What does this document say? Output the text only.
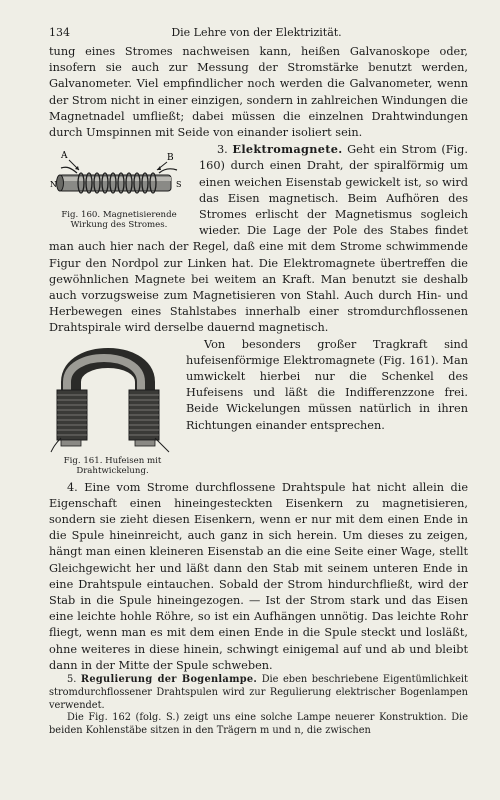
134	Die Lehre von der Elektrizität.

tung eines Stromes nachweisen kann, heißen Galvanoskope oder, insofern sie auch zur Messung der Stromstärke benutzt werden, Galvanometer. Viel empfindlicher noch werden die Galvanometer, wenn der Strom nicht in einer einzigen, sondern in zahlreichen Windungen die Magnetnadel umfließt; dabei müssen die einzelnen Drahtwindungen durch Umspinnen mit Seide von einander isoliert sein.

A	B
N	S
Fig. 160. Magnetisierende Wirkung des Stromes.

3. Elektromagnete. Geht ein Strom (Fig. 160) durch einen Draht, der spiralförmig um einen weichen Eisenstab gewickelt ist, so wird das Eisen magnetisch. Beim Aufhören des Stromes erlischt der Magnetismus sogleich wieder. Die Lage der Pole des Stabes findet man auch hier nach der Regel, daß eine mit dem Strome schwimmende Figur den Nordpol zur Linken hat. Die Elektromagnete übertreffen die gewöhnlichen Magnete bei weitem an Kraft. Man benutzt sie deshalb auch vorzugsweise zum Magnetisieren von Stahl. Auch durch Hin- und Herbewegen eines Stahlstabes innerhalb einer stromdurchflossenen Drahtspirale wird derselbe dauernd magnetisch.

Fig. 161. Hufeisen mit Drahtwickelung.

Von besonders großer Tragkraft sind hufeisenförmige Elektromagnete (Fig. 161). Man umwickelt hierbei nur die Schenkel des Hufeisens und läßt die Indifferenzzone frei. Beide Wickelungen müssen natürlich in ihren Richtungen einander entsprechen.

4. Eine vom Strome durchflossene Drahtspule hat nicht allein die Eigenschaft einen hineingesteckten Eisenkern zu magnetisieren, sondern sie zieht diesen Eisenkern, wenn er nur mit dem einen Ende in die Spule hineinreicht, auch ganz in sich herein. Um dieses zu zeigen, hängt man einen kleineren Eisenstab an die eine Seite einer Wage, stellt Gleichgewicht her und läßt dann den Stab mit seinem unteren Ende in eine Drahtspule eintauchen. Sobald der Strom hindurchfließt, wird der Stab in die Spule hineingezogen. — Ist der Strom stark und das Eisen eine leichte hohle Röhre, so ist ein Aufhängen unnötig. Das leichte Rohr fliegt, wenn man es mit dem einen Ende in die Spule steckt und losläßt, ohne weiteres in diese hinein, schwingt einigemal auf und ab und bleibt dann in der Mitte der Spule schweben.

5. Regulierung der Bogenlampe. Die eben beschriebene Eigentümlichkeit stromdurchflossener Drahtspulen wird zur Regulierung elektrischer Bogenlampen verwendet.

Die Fig. 162 (folg. S.) zeigt uns eine solche Lampe neuerer Konstruktion. Die beiden Kohlenstäbe sitzen in den Trägern m und n, die zwischen
